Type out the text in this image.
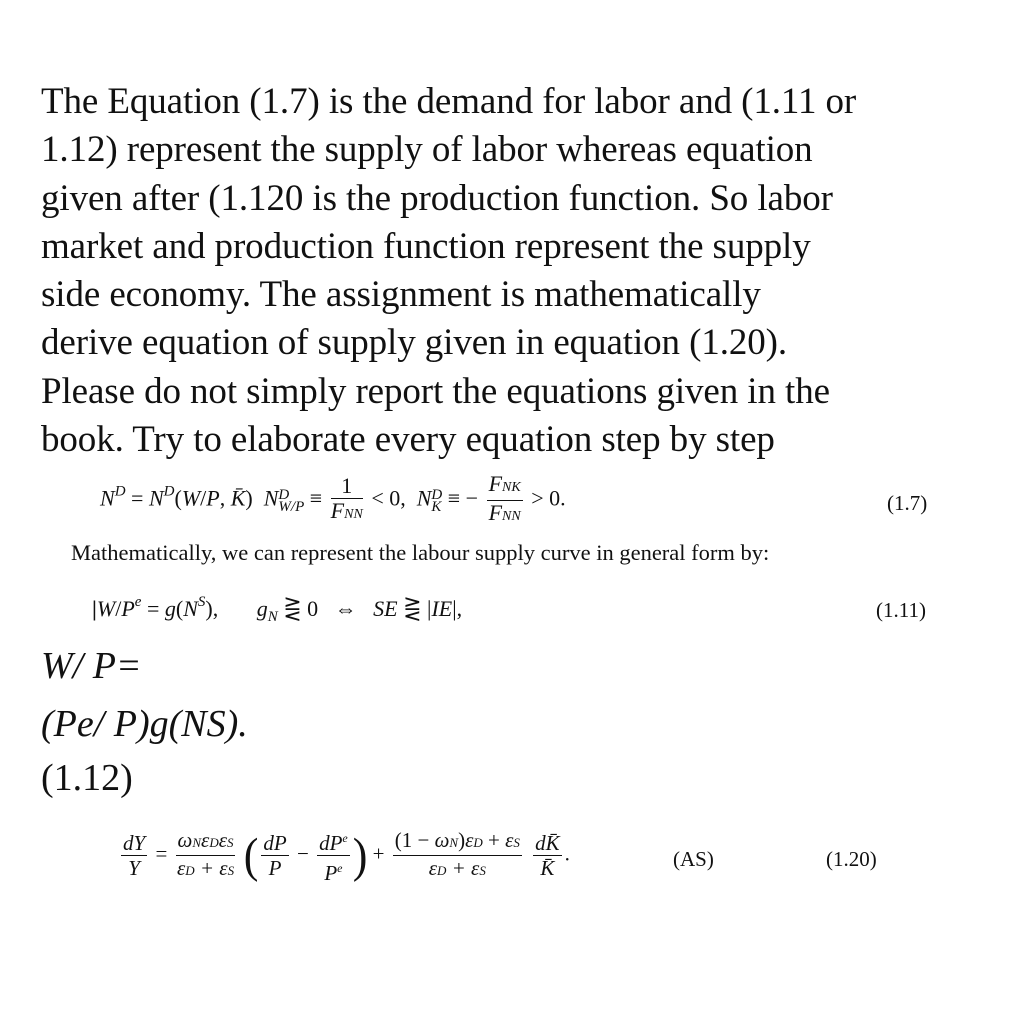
The Equation (1.7) is the demand for labor and (1.11 or
1.12) represent the supply of labor whereas equation
given after (1.120 is the production function. So labor
market and production function represent the supply
side economy. The assignment is mathematically
derive equation of supply given in equation (1.20).
Please do not simply report the equations given in the
book. Try to elaborate every equation step by step
$N^D = N^D(W/P$, K̄)  N D
$W/P \equiv \frac{1}{\text{FNN}} < 0$,  N D
K ≡ − $\frac{\text{FNK}}{\text{FNN}} > 0$.	(1.7)
Mathematically, we can represent the labour supply curve in general form by:
$|W/P^e = g(N^S)$,       $g_N$ ⋛ 0   ⇔   SE ⋛ |IE|,	(1.11)
W/ P=
(Pe/ P)g(NS).
(1.12)
$\frac{dY}{Y} = \frac{\text{ωNεDεS}}{\varepsilon D + \varepsilon S}$ ( $\frac{dP}{P} - \frac{dP^e}{P^e}$ ) + $\frac{(1 - \omega N)\varepsilon D + \varepsilon S}{\varepsilon D + \varepsilon S}$
$\frac{dK̄}{K̄}$ .	(AS)	(1.20)
